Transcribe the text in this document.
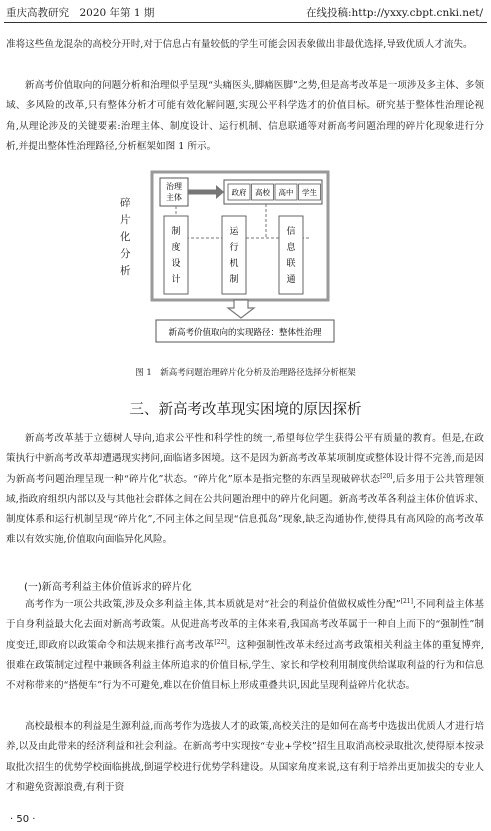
重庆高教研究　2020 年第 1 期	在线投稿:http://yxxy.cbpt.cnki.net/

准将这些鱼龙混杂的高校分开时,对于信息占有量较低的学生可能会因表象做出非最优选择,导致优质人才流失。

新高考价值取向的问题分析和治理似乎呈现“头痛医头,脚痛医脚”之势,但是高考改革是一项涉及多主体、多领域、多风险的改革,只有整体分析才可能有效化解问题,实现公平科学选才的价值目标。研究基于整体性治理论视角,从理论涉及的关键要素:治理主体、制度设计、运行机制、信息联通等对新高考问题治理的碎片化现象进行分析,并提出整体性治理路径,分析框架如图 1 所示。

碎
片
化
分
析
治理
主体
政府 高校 高中 学生
制
度
设
计
运
行
机
制
信
息
联
通
新高考价值取向的实现路径：整体性治理
图 1　新高考问题治理碎片化分析及治理路径选择分析框架
三、新高考改革现实困境的原因探析

新高考改革基于立德树人导向,追求公平性和科学性的统一,希望每位学生获得公平有质量的教育。但是,在政策执行中新高考改革却遭遇现实拷问,面临诸多困境。这不是因为新高考改革某项制度或整体设计得不完善,而是因为新高考问题治理呈现一种“碎片化”状态。“碎片化”原本是指完整的东西呈现破碎状态[20],后多用于公共管理领域,指政府组织内部以及与其他社会群体之间在公共问题治理中的碎片化问题。新高考改革各利益主体价值诉求、制度体系和运行机制呈现“碎片化”,不同主体之间呈现“信息孤岛”现象,缺乏沟通协作,使得具有高风险的高考改革难以有效实施,价值取向面临异化风险。

(一)新高考利益主体价值诉求的碎片化

高考作为一项公共政策,涉及众多利益主体,其本质就是对“社会的利益价值做权威性分配”[21],不同利益主体基于自身利益最大化去面对新高考政策。从促进高考改革的主体来看,我国高考改革属于一种自上而下的“强制性”制度变迁,即政府以政策命令和法规来推行高考改革[22]。这种强制性改革未经过高考政策相关利益主体的重复博弈,很难在政策制定过程中兼顾各利益主体所追求的价值目标,学生、家长和学校利用制度供给谋取利益的行为和信息不对称带来的“搭便车”行为不可避免,难以在价值目标上形成重叠共识,因此呈现利益碎片化状态。

高校最根本的利益是生源利益,而高考作为选拔人才的政策,高校关注的是如何在高考中选拔出优质人才进行培养,以及由此带来的经济利益和社会利益。在新高考中实现按“专业+学校”招生且取消高校录取批次,使得原本按录取批次招生的优势学校面临挑战,倒逼学校进行优势学科建设。从国家角度来说,这有利于培养出更加拔尖的专业人才和避免资源浪费,有利于资

· 50 ·
